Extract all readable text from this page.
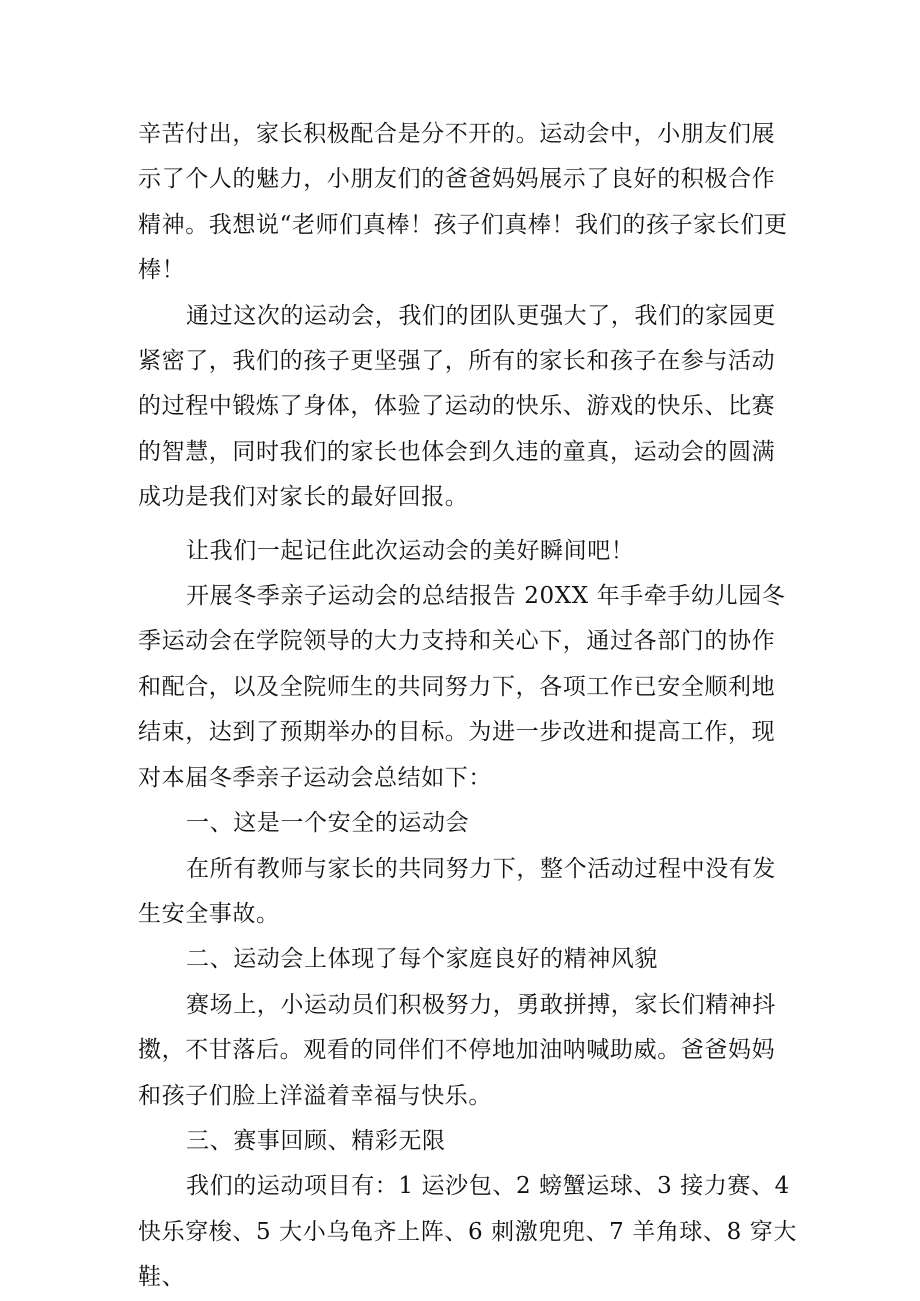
辛苦付出，家长积极配合是分不开的。运动会中，小朋友们展示了个人的魅力，小朋友们的爸爸妈妈展示了良好的积极合作精神。我想说“老师们真棒！孩子们真棒！我们的孩子家长们更棒！

通过这次的运动会，我们的团队更强大了，我们的家园更紧密了，我们的孩子更坚强了，所有的家长和孩子在参与活动的过程中锻炼了身体，体验了运动的快乐、游戏的快乐、比赛的智慧，同时我们的家长也体会到久违的童真，运动会的圆满成功是我们对家长的最好回报。

让我们一起记住此次运动会的美好瞬间吧！

开展冬季亲子运动会的总结报告 20XX 年手牵手幼儿园冬季运动会在学院领导的大力支持和关心下，通过各部门的协作和配合，以及全院师生的共同努力下，各项工作已安全顺利地结束，达到了预期举办的目标。为进一步改进和提高工作，现对本届冬季亲子运动会总结如下：

一、这是一个安全的运动会

在所有教师与家长的共同努力下，整个活动过程中没有发生安全事故。

二、运动会上体现了每个家庭良好的精神风貌

赛场上，小运动员们积极努力，勇敢拼搏，家长们精神抖擞，不甘落后。观看的同伴们不停地加油呐喊助威。爸爸妈妈和孩子们脸上洋溢着幸福与快乐。

三、赛事回顾、精彩无限

我们的运动项目有：1 运沙包、2 螃蟹运球、3 接力赛、4 快乐穿梭、5 大小乌龟齐上阵、6 刺激兜兜、7 羊角球、8 穿大鞋、
